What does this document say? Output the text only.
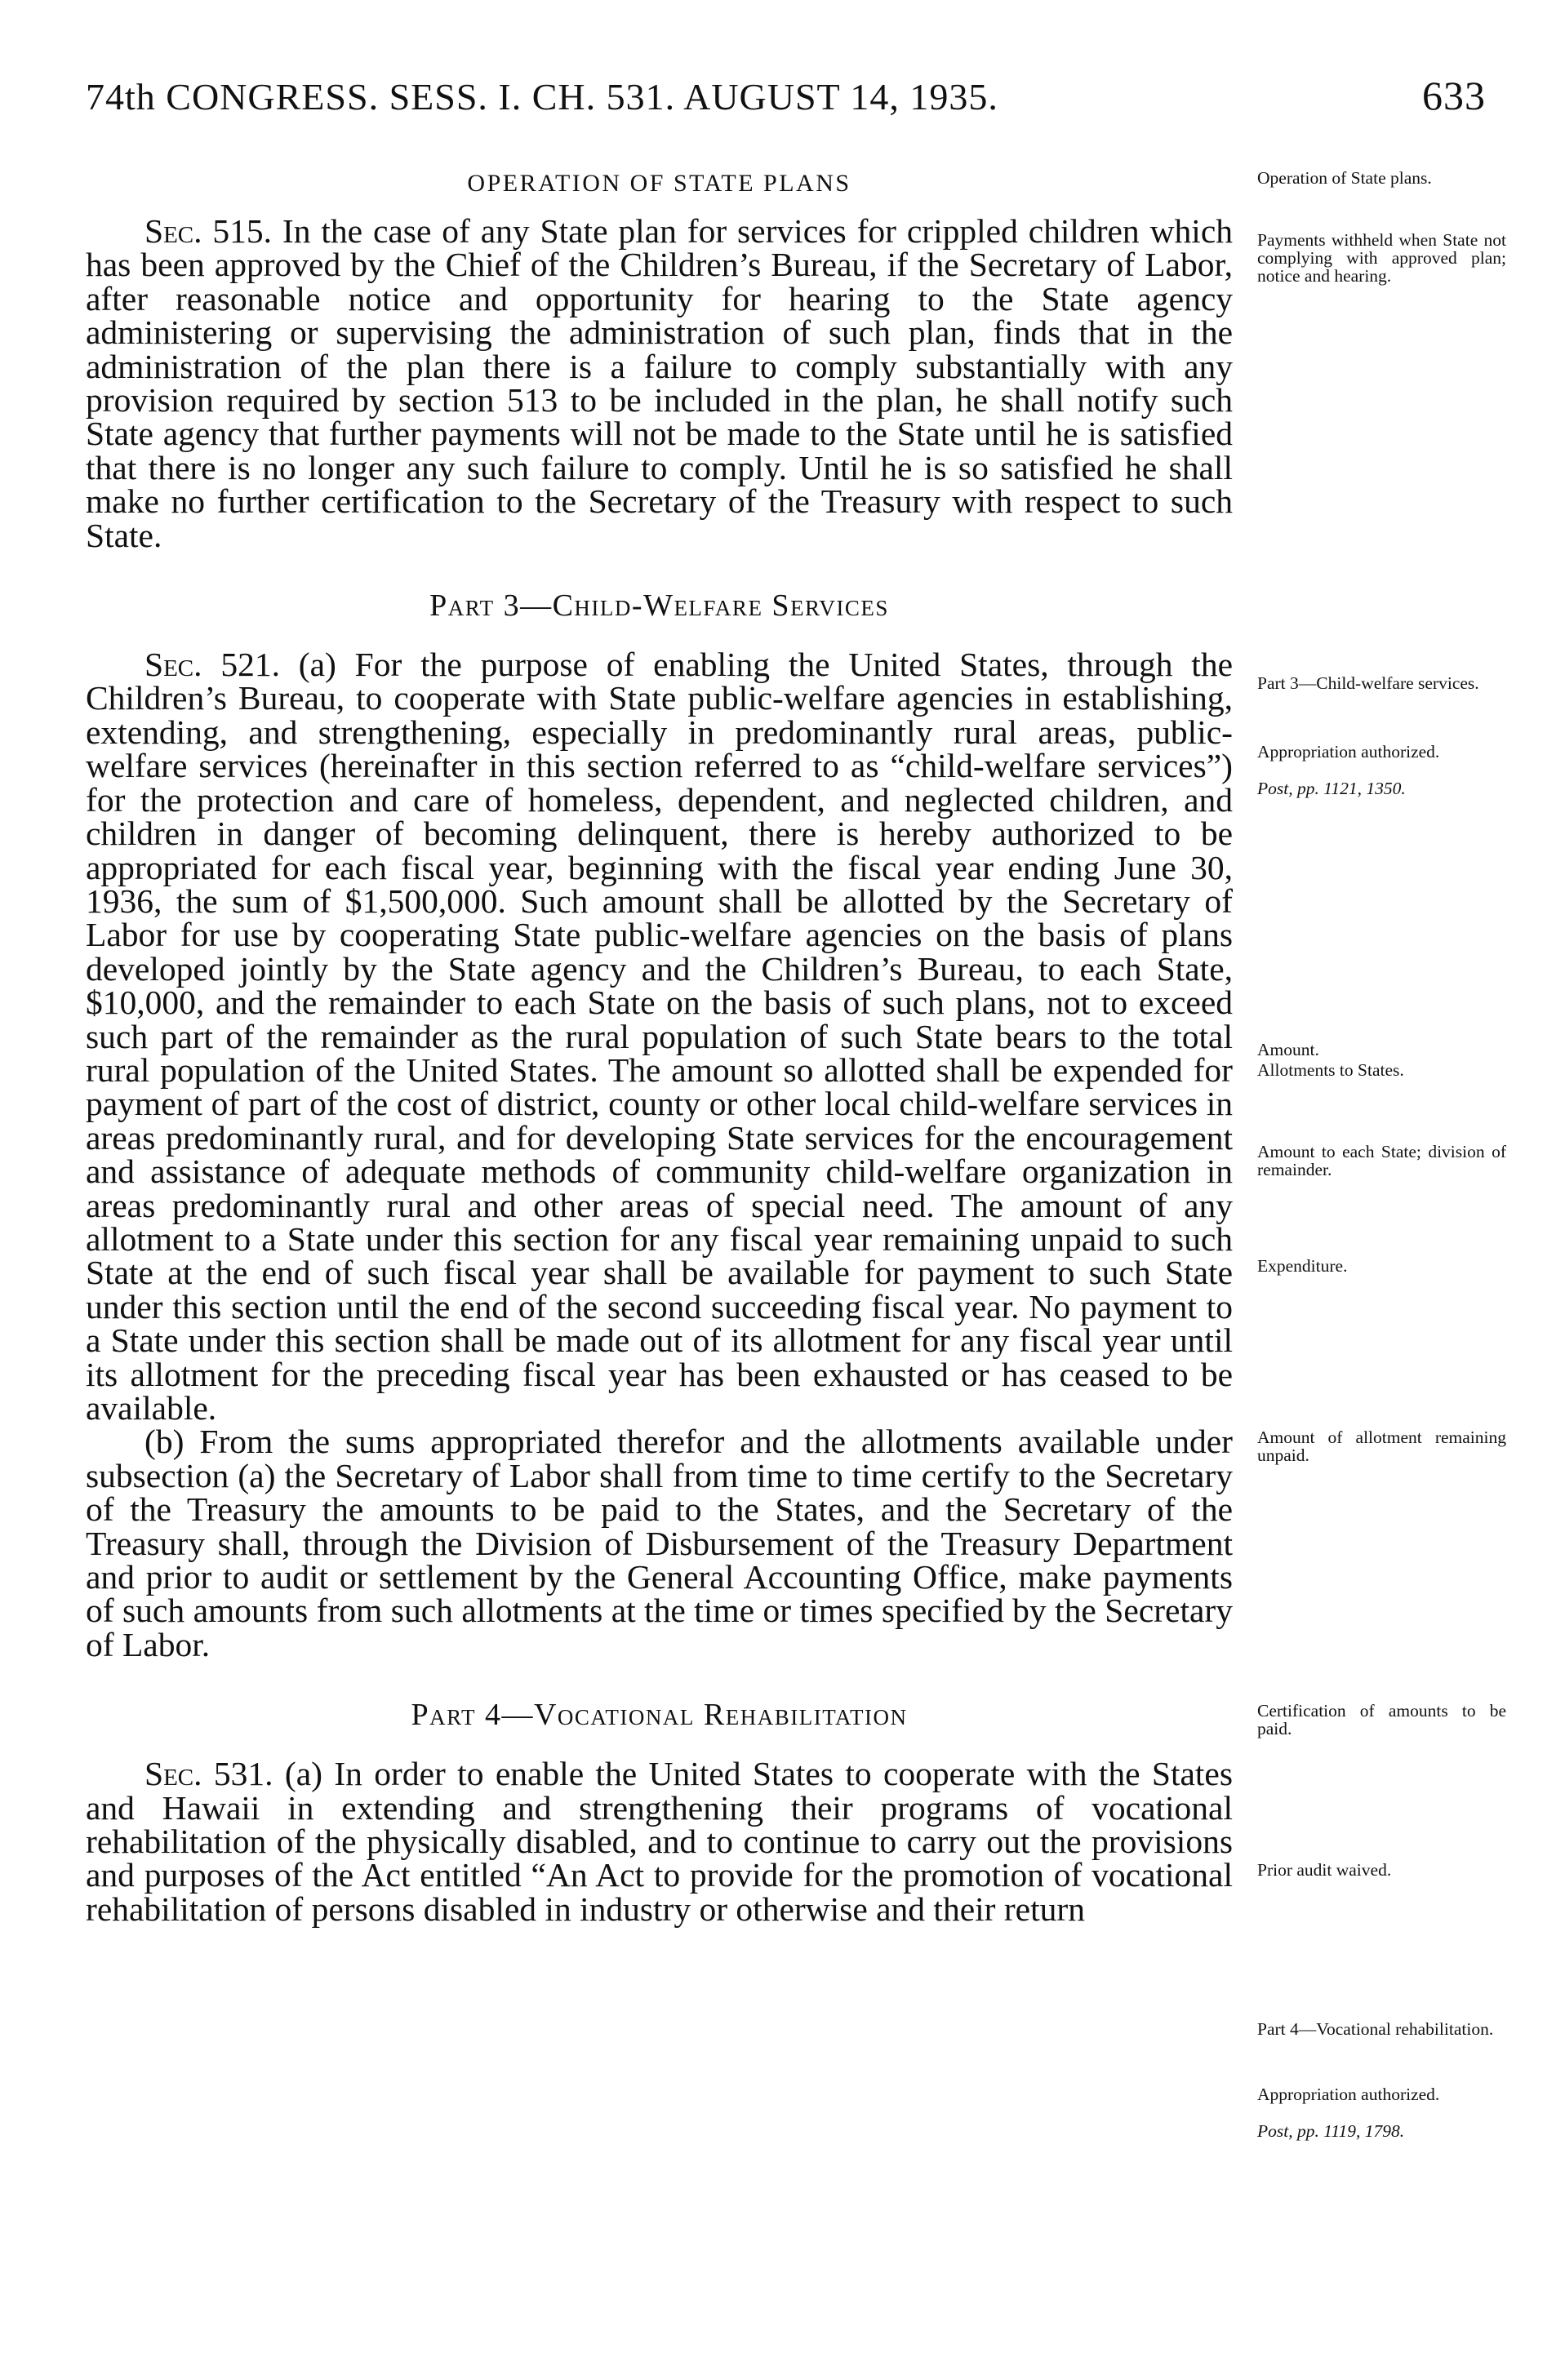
74th CONGRESS. SESS. I. CH. 531. AUGUST 14, 1935.	633
OPERATION OF STATE PLANS

Sec. 515. In the case of any State plan for services for crippled children which has been approved by the Chief of the Children’s Bureau, if the Secretary of Labor, after reasonable notice and opportunity for hearing to the State agency administering or supervising the administration of such plan, finds that in the administration of the plan there is a failure to comply substantially with any provision required by section 513 to be included in the plan, he shall notify such State agency that further payments will not be made to the State until he is satisfied that there is no longer any such failure to comply. Until he is so satisfied he shall make no further certification to the Secretary of the Treasury with respect to such State.

Part 3—Child-Welfare Services

Sec. 521. (a) For the purpose of enabling the United States, through the Children’s Bureau, to cooperate with State public-welfare agencies in establishing, extending, and strengthening, especially in predominantly rural areas, public-welfare services (hereinafter in this section referred to as “child-welfare services”) for the protection and care of homeless, dependent, and neglected children, and children in danger of becoming delinquent, there is hereby authorized to be appropriated for each fiscal year, beginning with the fiscal year ending June 30, 1936, the sum of $1,500,000. Such amount shall be allotted by the Secretary of Labor for use by cooperating State public-welfare agencies on the basis of plans developed jointly by the State agency and the Children’s Bureau, to each State, $10,000, and the remainder to each State on the basis of such plans, not to exceed such part of the remainder as the rural population of such State bears to the total rural population of the United States. The amount so allotted shall be expended for payment of part of the cost of district, county or other local child-welfare services in areas predominantly rural, and for developing State services for the encouragement and assistance of adequate methods of community child-welfare organization in areas predominantly rural and other areas of special need. The amount of any allotment to a State under this section for any fiscal year remaining unpaid to such State at the end of such fiscal year shall be available for payment to such State under this section until the end of the second succeeding fiscal year. No payment to a State under this section shall be made out of its allotment for any fiscal year until its allotment for the preceding fiscal year has been exhausted or has ceased to be available.

(b) From the sums appropriated therefor and the allotments available under subsection (a) the Secretary of Labor shall from time to time certify to the Secretary of the Treasury the amounts to be paid to the States, and the Secretary of the Treasury shall, through the Division of Disbursement of the Treasury Department and prior to audit or settlement by the General Accounting Office, make payments of such amounts from such allotments at the time or times specified by the Secretary of Labor.

Part 4—Vocational Rehabilitation

Sec. 531. (a) In order to enable the United States to cooperate with the States and Hawaii in extending and strengthening their programs of vocational rehabilitation of the physically disabled, and to continue to carry out the provisions and purposes of the Act entitled “An Act to provide for the promotion of vocational rehabilitation of persons disabled in industry or otherwise and their return

Operation of State plans.
Payments withheld when State not complying with approved plan; notice and hearing.
Part 3—Child-welfare services.
Appropriation authorized.
Post, pp. 1121, 1350.
Amount.
Allotments to States.
Amount to each State; division of remainder.
Expenditure.
Amount of allotment remaining unpaid.
Certification of amounts to be paid.
Prior audit waived.
Part 4—Vocational rehabilitation.
Appropriation authorized.
Post, pp. 1119, 1798.
